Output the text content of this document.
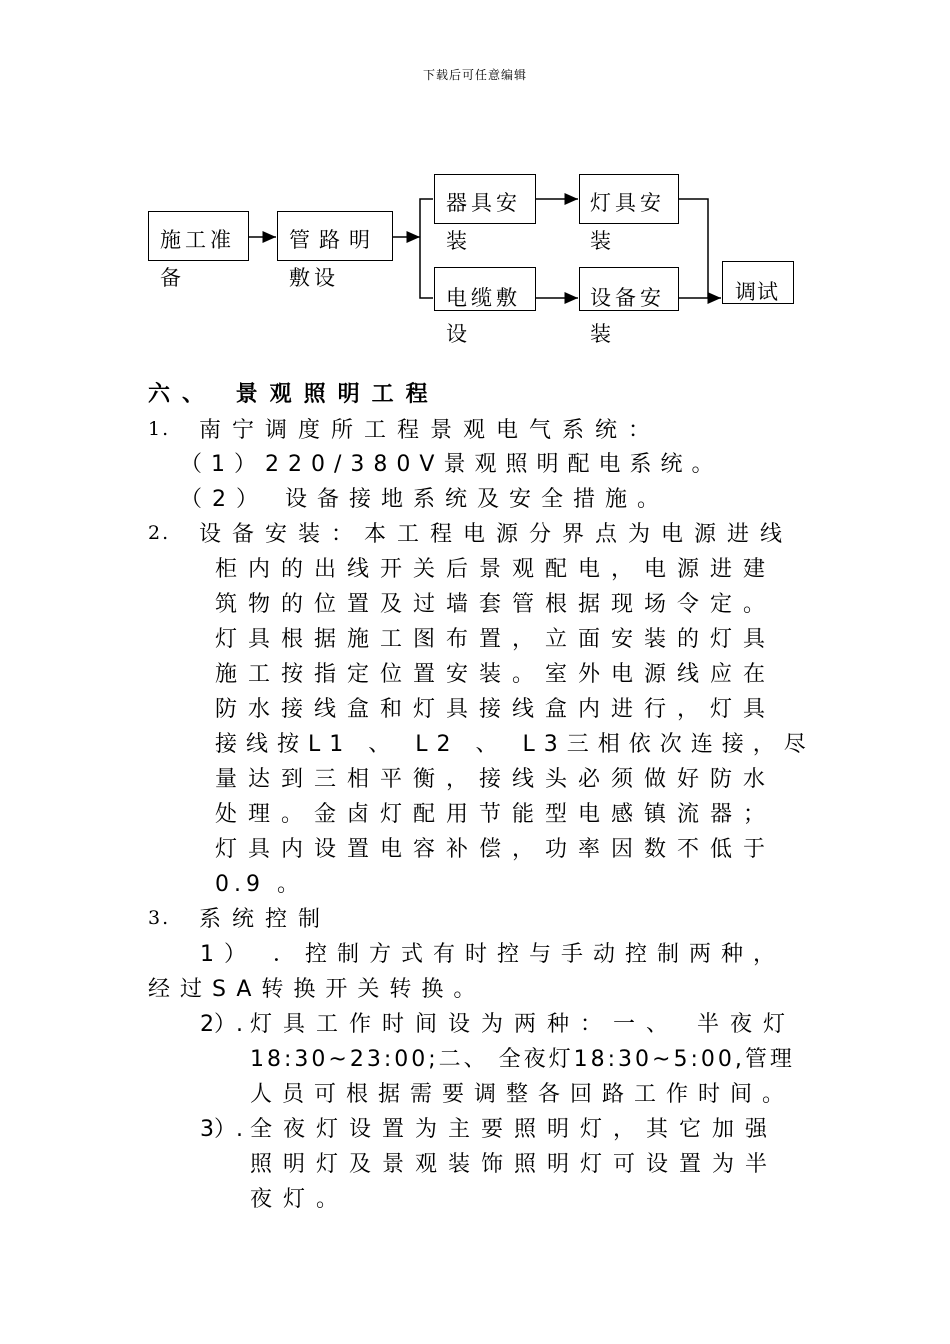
下载后可任意编辑
施工准
备
管路明
敷设
器具安
装
电缆敷
设
灯具安
装
设备安
装
调试
六、 景观照明工程
1. 南宁调度所工程景观电气系统：
（1）220/380V景观照明配电系统。
（2） 设备接地系统及安全措施。
2. 设备安装：本工程电源分界点为电源进线
柜内的出线开关后景观配电，电源进建
筑物的位置及过墙套管根据现场令定。
灯具根据施工图布置，立面安装的灯具
施工按指定位置安装。室外电源线应在
防水接线盒和灯具接线盒内进行，灯具
接线按L1 、 L2 、 L3三相依次连接，尽
量达到三相平衡，接线头必须做好防水
处理。金卤灯配用节能型电感镇流器；
灯具内设置电容补偿，功率因数不低于
0.9 。
3. 系统控制
1） ．控制方式有时控与手动控制两种，
经过SA转换开关转换。
2）. 灯具工作时间设为两种：一、 半夜灯
18:30~23:00;二、 全夜灯18:30~5:00,管理
人员可根据需要调整各回路工作时间。
3）. 全夜灯设置为主要照明灯，其它加强
照明灯及景观装饰照明灯可设置为半
夜灯。
